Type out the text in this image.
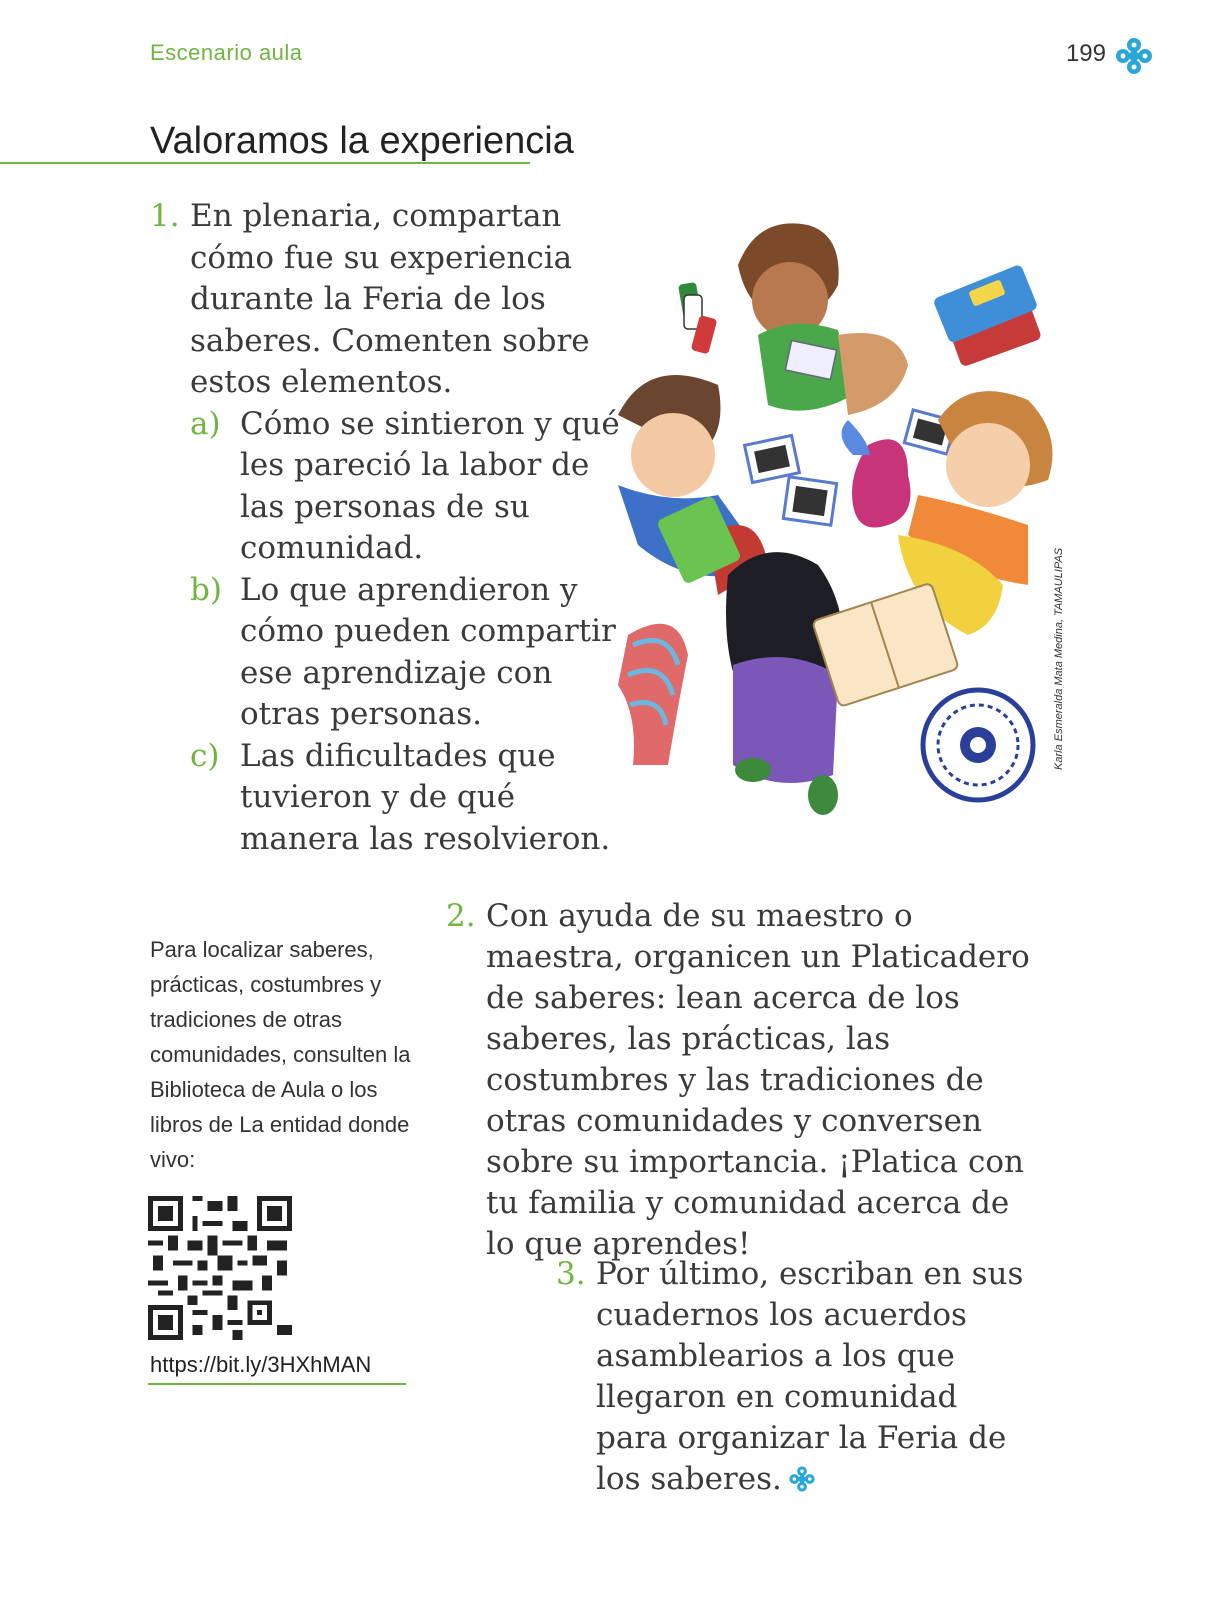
Escenario aula	199
Valoramos la experiencia
1. En plenaria, compartan cómo fue su experiencia durante la Feria de los saberes. Comenten sobre estos elementos.
a) Cómo se sintieron y qué les pareció la labor de las personas de su comunidad.
b) Lo que aprendieron y cómo pueden compartir ese aprendizaje con otras personas.
c) Las dificultades que tuvieron y de qué manera las resolvieron.
Karla Esmeralda Mata Medina, TAMAULIPAS
Para localizar saberes, prácticas, costumbres y tradiciones de otras comunidades, consulten la Biblioteca de Aula o los libros de La entidad donde vivo:
https://bit.ly/3HXhMAN
2. Con ayuda de su maestro o maestra, organicen un Platicadero de saberes: lean acerca de los saberes, las prácticas, las costumbres y las tradiciones de otras comunidades y conversen sobre su importancia. ¡Platica con tu familia y comunidad acerca de lo que aprendes!
3. Por último, escriban en sus cuadernos los acuerdos asamblearios a los que llegaron en comunidad para organizar la Feria de los saberes.
